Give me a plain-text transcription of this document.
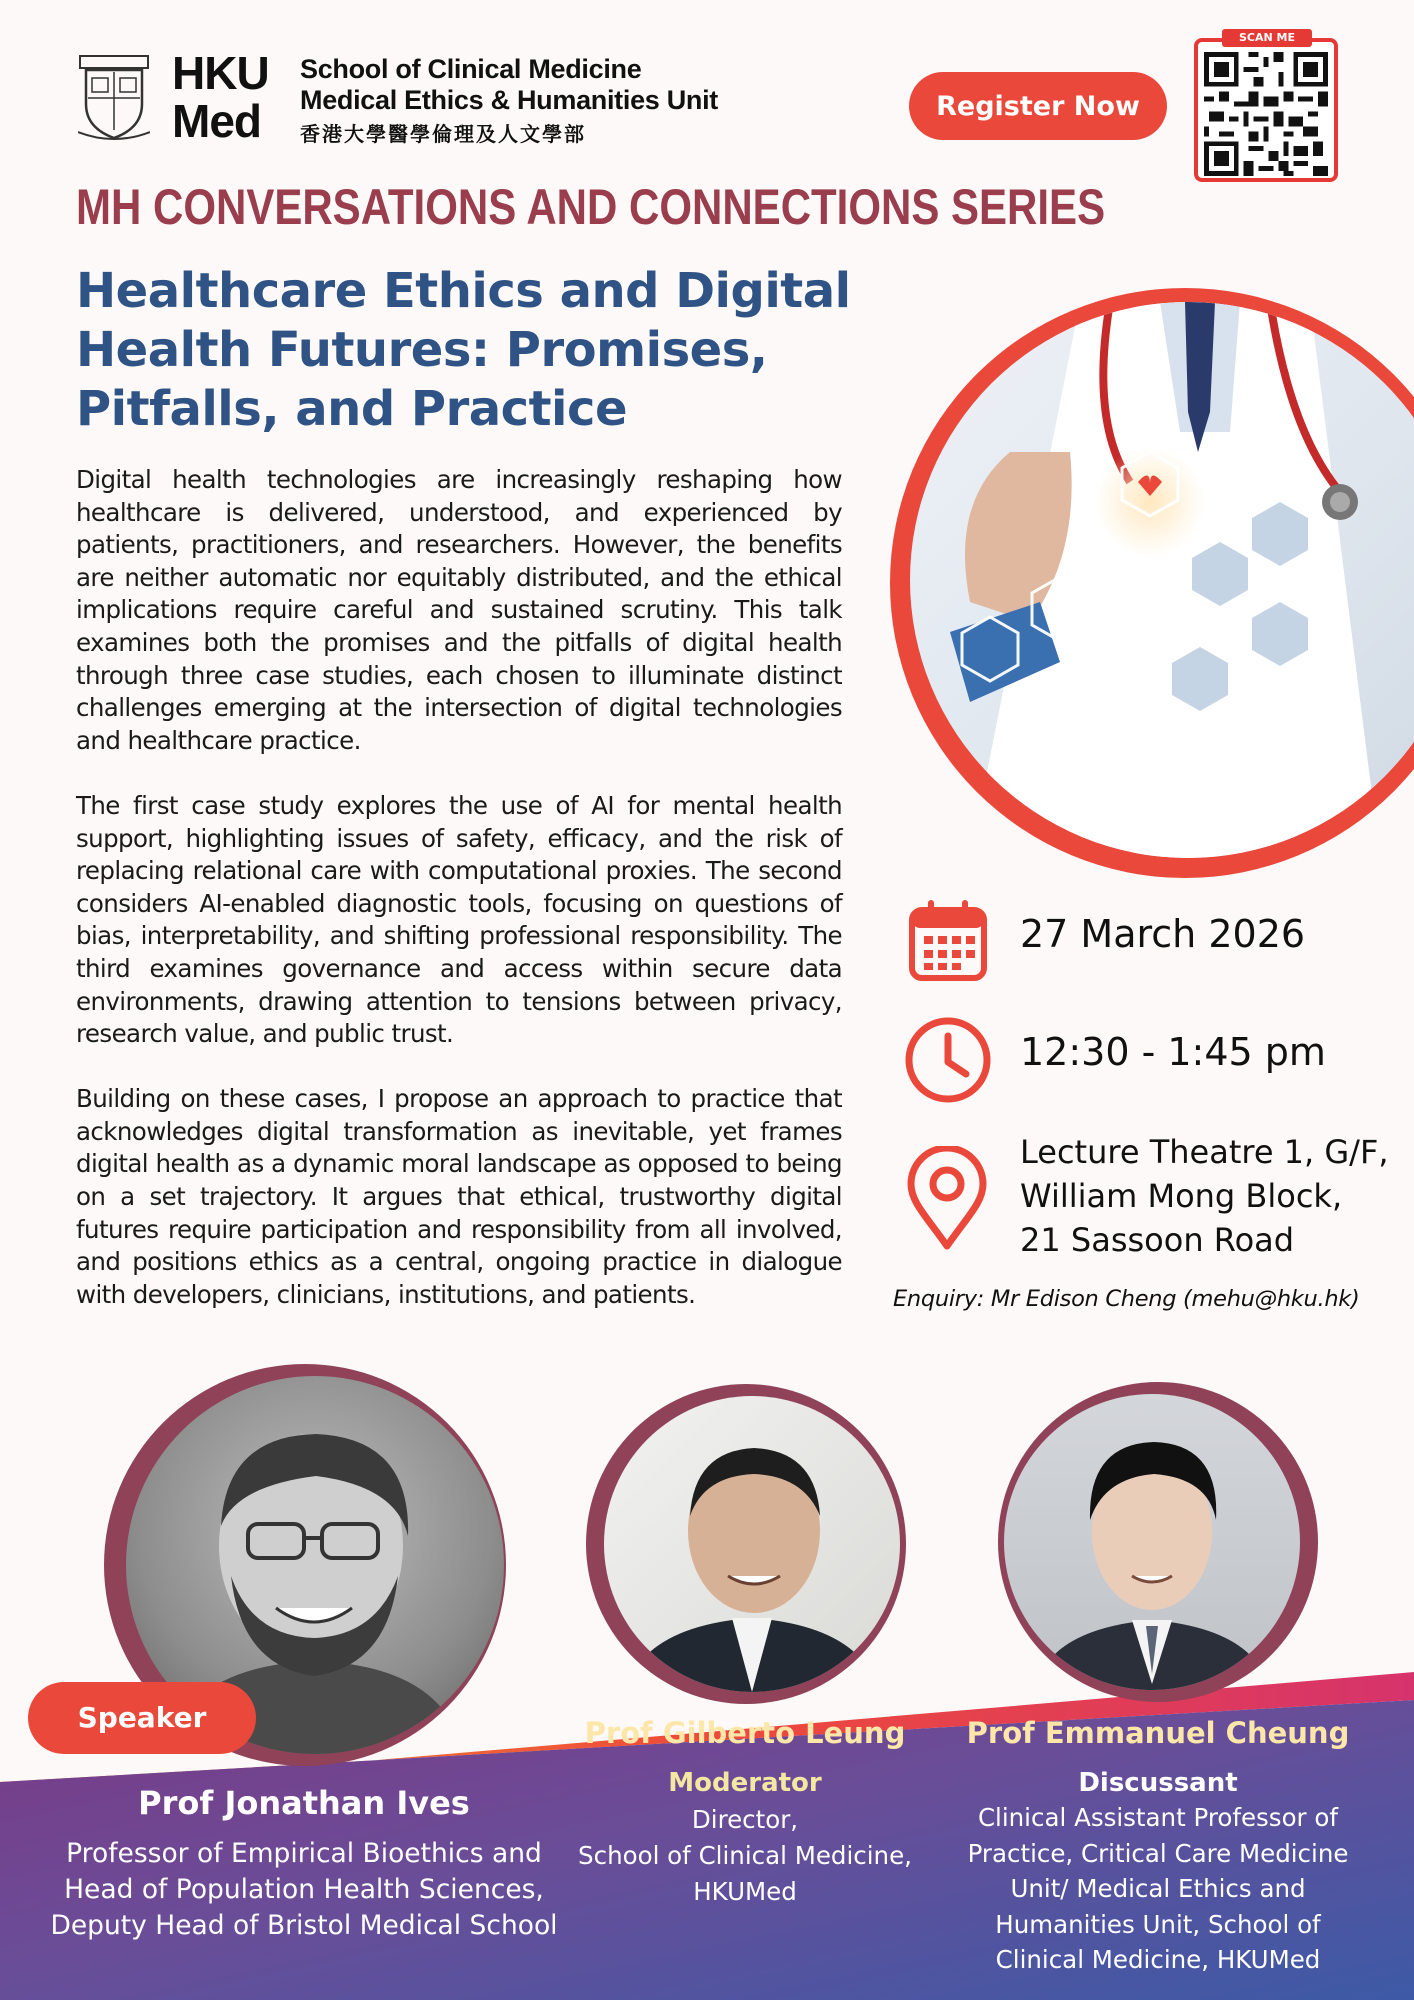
HKU
Med
School of Clinical Medicine
Medical Ethics & Humanities Unit
香港大學醫學倫理及人文學部
Register Now
SCAN ME
MH CONVERSATIONS AND CONNECTIONS SERIES
Healthcare Ethics and Digital Health Futures: Promises, Pitfalls, and Practice

Digital health technologies are increasingly reshaping how healthcare is delivered, understood, and experienced by patients, practitioners, and researchers. However, the benefits are neither automatic nor equitably distributed, and the ethical implications require careful and sustained scrutiny. This talk examines both the promises and the pitfalls of digital health through three case studies, each chosen to illuminate distinct challenges emerging at the intersection of digital technologies and healthcare practice.

The first case study explores the use of AI for mental health support, highlighting issues of safety, efficacy, and the risk of replacing relational care with computational proxies. The second considers AI-enabled diagnostic tools, focusing on questions of bias, interpretability, and shifting professional responsibility. The third examines governance and access within secure data environments, drawing attention to tensions between privacy, research value, and public trust.

Building on these cases, I propose an approach to practice that acknowledges digital transformation as inevitable, yet frames digital health as a dynamic moral landscape as opposed to being on a set trajectory. It argues that ethical, trustworthy digital futures require participation and responsibility from all involved, and positions ethics as a central, ongoing practice in dialogue with developers, clinicians, institutions, and patients.

27 March 2026
12:30 - 1:45 pm
Lecture Theatre 1, G/F,
William Mong Block,
21 Sassoon Road
Enquiry: Mr Edison Cheng (mehu@hku.hk)
Speaker
Prof Jonathan Ives
Professor of Empirical Bioethics and
Head of Population Health Sciences,
Deputy Head of Bristol Medical School
Prof Gilberto Leung
Moderator
Director,
School of Clinical Medicine,
HKUMed
Prof Emmanuel Cheung
Discussant
Clinical Assistant Professor of
Practice, Critical Care Medicine
Unit/ Medical Ethics and
Humanities Unit, School of
Clinical Medicine, HKUMed
